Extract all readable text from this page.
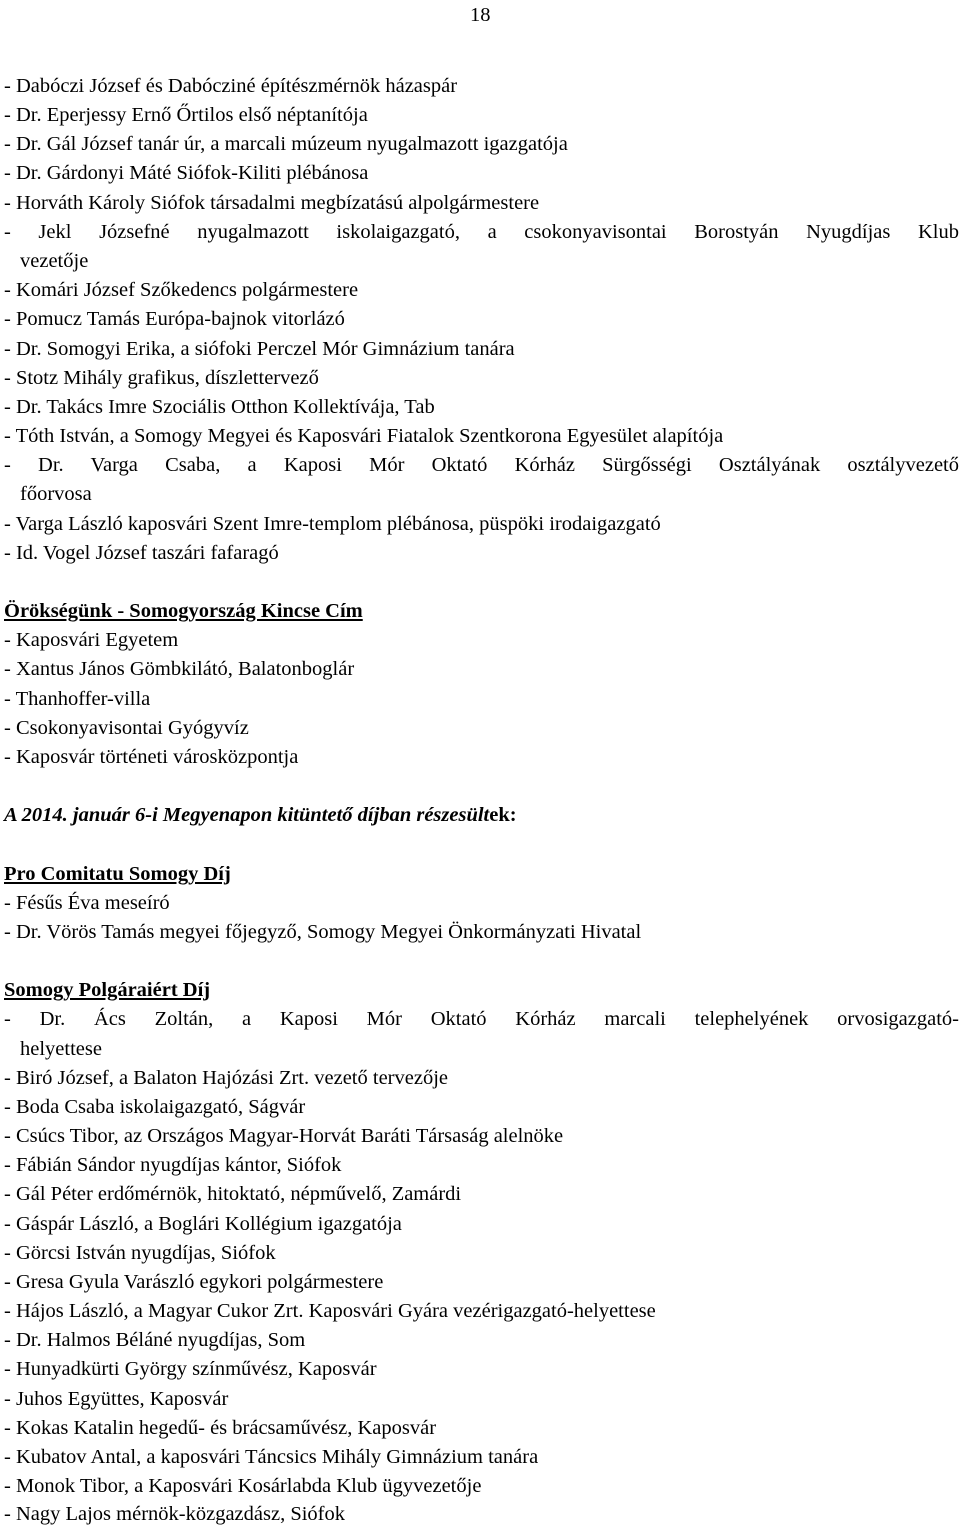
18
- Dabóczi József és Dabócziné építészmérnök házaspár
- Dr. Eperjessy Ernő Őrtilos első néptanítója
- Dr. Gál József tanár úr, a marcali múzeum nyugalmazott igazgatója
- Dr. Gárdonyi Máté Siófok-Kiliti plébánosa
- Horváth Károly Siófok társadalmi megbízatású alpolgármestere
- Jekl Józsefné nyugalmazott iskolaigazgató, a csokonyavisontai Borostyán Nyugdíjas Klub
vezetője
- Komári József Szőkedencs polgármestere
- Pomucz Tamás Európa-bajnok vitorlázó
- Dr. Somogyi Erika, a siófoki Perczel Mór Gimnázium tanára
- Stotz Mihály grafikus, díszlettervező
- Dr. Takács Imre Szociális Otthon Kollektívája, Tab
- Tóth István, a Somogy Megyei és Kaposvári Fiatalok Szentkorona Egyesület alapítója
- Dr. Varga Csaba, a Kaposi Mór Oktató Kórház Sürgősségi Osztályának osztályvezető
főorvosa
- Varga László kaposvári Szent Imre-templom plébánosa, püspöki irodaigazgató
- Id. Vogel József taszári fafaragó
Örökségünk - Somogyország Kincse Cím
- Kaposvári Egyetem
- Xantus János Gömbkilátó, Balatonboglár
- Thanhoffer-villa
- Csokonyavisontai Gyógyvíz
- Kaposvár történeti városközpontja
A 2014. január 6-i Megyenapon kitüntető díjban részesültek:
Pro Comitatu Somogy Díj
- Fésűs Éva meseíró
- Dr. Vörös Tamás megyei főjegyző, Somogy Megyei Önkormányzati Hivatal
Somogy Polgáraiért Díj
- Dr. Ács Zoltán, a Kaposi Mór Oktató Kórház marcali telephelyének orvosigazgató-
helyettese
- Biró József, a Balaton Hajózási Zrt. vezető tervezője
- Boda Csaba iskolaigazgató, Ságvár
- Csúcs Tibor, az Országos Magyar-Horvát Baráti Társaság alelnöke
- Fábián Sándor nyugdíjas kántor, Siófok
- Gál Péter erdőmérnök, hitoktató, népművelő, Zamárdi
- Gáspár László, a Boglári Kollégium igazgatója
- Görcsi István nyugdíjas, Siófok
- Gresa Gyula Varászló egykori polgármestere
- Hájos László, a Magyar Cukor Zrt. Kaposvári Gyára vezérigazgató-helyettese
- Dr. Halmos Béláné nyugdíjas, Som
- Hunyadkürti György színművész, Kaposvár
- Juhos Együttes, Kaposvár
- Kokas Katalin hegedű- és brácsaművész, Kaposvár
- Kubatov Antal, a kaposvári Táncsics Mihály Gimnázium tanára
- Monok Tibor, a Kaposvári Kosárlabda Klub ügyvezetője
- Nagy Lajos mérnök-közgazdász, Siófok
